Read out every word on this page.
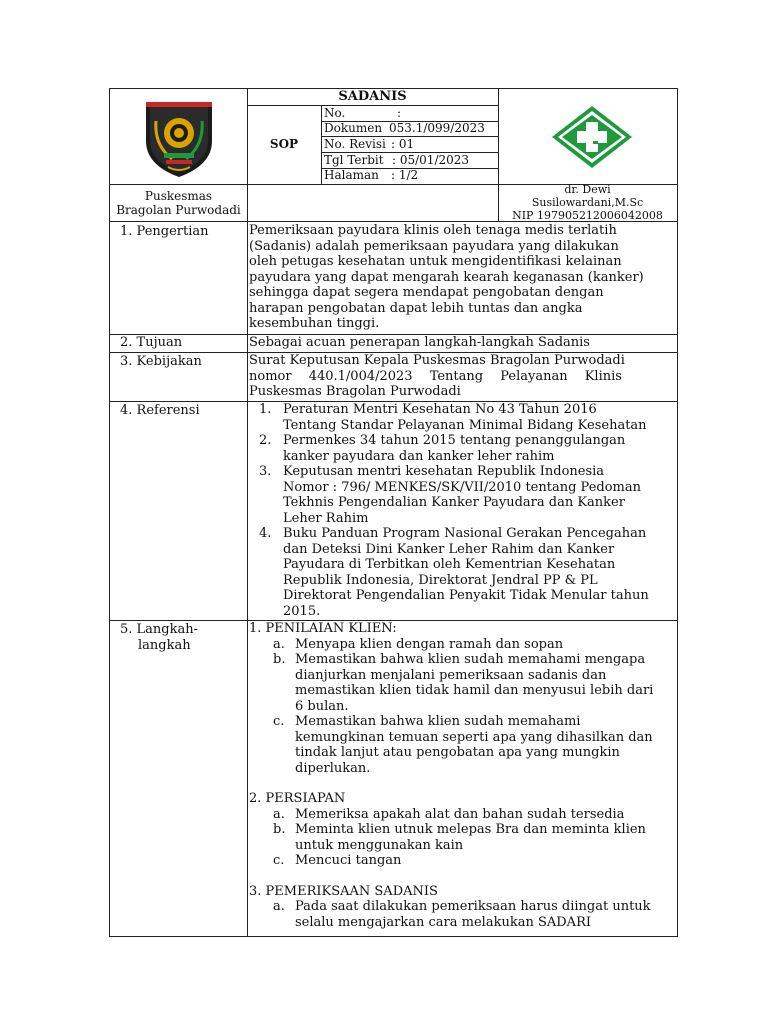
SADANIS
SOP
No.	:
Dokumen 053.1/099/2023
No. Revisi : 01
Tgl Terbit : 05/01/2023
Halaman : 1/2
Puskesmas
Bragolan Purwodadi
dr. Dewi
Susilowardani,M.Sc
NIP 197905212006042008
1. Pengertian	Pemeriksaan payudara klinis oleh tenaga medis terlatih
(Sadanis) adalah pemeriksaan payudara yang dilakukan
oleh petugas kesehatan untuk mengidentifikasi kelainan
payudara yang dapat mengarah kearah keganasan (kanker)
sehingga dapat segera mendapat pengobatan dengan
harapan pengobatan dapat lebih tuntas dan angka
kesembuhan tinggi.
2. Tujuan	Sebagai acuan penerapan langkah-langkah Sadanis
3. Kebijakan	Surat Keputusan Kepala Puskesmas Bragolan Purwodadi
nomor 440.1/004/2023 Tentang Pelayanan Klinis
Puskesmas Bragolan Purwodadi
4. Referensi	1. Peraturan Mentri Kesehatan No 43 Tahun 2016
Tentang Standar Pelayanan Minimal Bidang Kesehatan
2. Permenkes 34 tahun 2015 tentang penanggulangan
kanker payudara dan kanker leher rahim
3. Keputusan mentri kesehatan Republik Indonesia
Nomor : 796/ MENKES/SK/VII/2010 tentang Pedoman
Tekhnis Pengendalian Kanker Payudara dan Kanker
Leher Rahim
4. Buku Panduan Program Nasional Gerakan Pencegahan
dan Deteksi Dini Kanker Leher Rahim dan Kanker
Payudara di Terbitkan oleh Kementrian Kesehatan
Republik Indonesia, Direktorat Jendral PP & PL
Direktorat Pengendalian Penyakit Tidak Menular tahun
2015.
5. Langkah-
langkah
1. PENILAIAN KLIEN:
a. Menyapa klien dengan ramah dan sopan
b. Memastikan bahwa klien sudah memahami mengapa
dianjurkan menjalani pemeriksaan sadanis dan
memastikan klien tidak hamil dan menyusui lebih dari
6 bulan.
c. Memastikan bahwa klien sudah memahami
kemungkinan temuan seperti apa yang dihasilkan dan
tindak lanjut atau pengobatan apa yang mungkin
diperlukan.
2. PERSIAPAN
a. Memeriksa apakah alat dan bahan sudah tersedia
b. Meminta klien utnuk melepas Bra dan meminta klien
untuk menggunakan kain
c. Mencuci tangan
3. PEMERIKSAAN SADANIS
a. Pada saat dilakukan pemeriksaan harus diingat untuk
selalu mengajarkan cara melakukan SADARI
